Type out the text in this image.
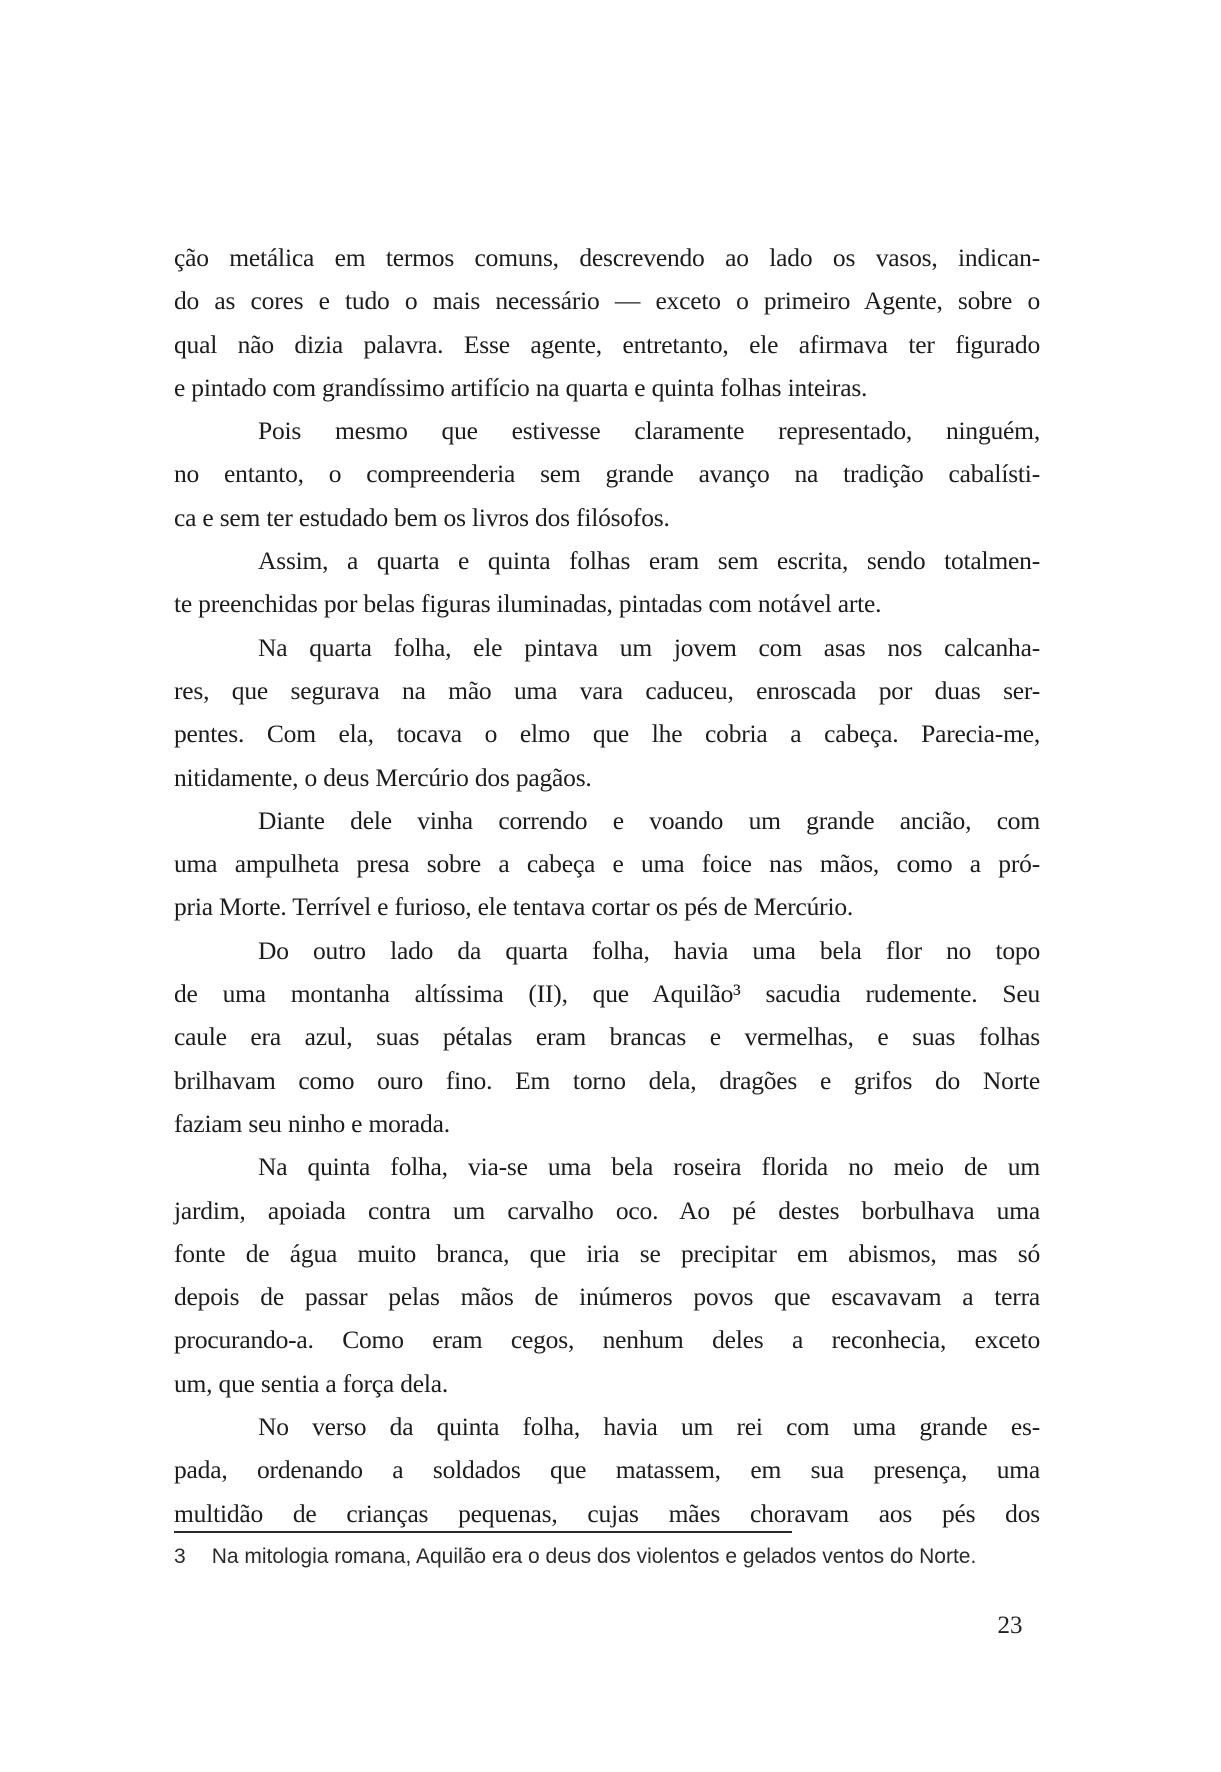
ção metálica em termos comuns, descrevendo ao lado os vasos, indican-

do as cores e tudo o mais necessário — exceto o primeiro Agente, sobre o

qual não dizia palavra. Esse agente, entretanto, ele afirmava ter figurado

e pintado com grandíssimo artifício na quarta e quinta folhas inteiras.

Pois mesmo que estivesse claramente representado, ninguém,

no entanto, o compreenderia sem grande avanço na tradição cabalísti-

ca e sem ter estudado bem os livros dos filósofos.

Assim, a quarta e quinta folhas eram sem escrita, sendo totalmen-

te preenchidas por belas figuras iluminadas, pintadas com notável arte.

Na quarta folha, ele pintava um jovem com asas nos calcanha-

res, que segurava na mão uma vara caduceu, enroscada por duas ser-

pentes. Com ela, tocava o elmo que lhe cobria a cabeça. Parecia-me,

nitidamente, o deus Mercúrio dos pagãos.

Diante dele vinha correndo e voando um grande ancião, com

uma ampulheta presa sobre a cabeça e uma foice nas mãos, como a pró-

pria Morte. Terrível e furioso, ele tentava cortar os pés de Mercúrio.

Do outro lado da quarta folha, havia uma bela flor no topo

de uma montanha altíssima (II), que Aquilão³ sacudia rudemente. Seu

caule era azul, suas pétalas eram brancas e vermelhas, e suas folhas

brilhavam como ouro fino. Em torno dela, dragões e grifos do Norte

faziam seu ninho e morada.

Na quinta folha, via-se uma bela roseira florida no meio de um

jardim, apoiada contra um carvalho oco. Ao pé destes borbulhava uma

fonte de água muito branca, que iria se precipitar em abismos, mas só

depois de passar pelas mãos de inúmeros povos que escavavam a terra

procurando-a. Como eram cegos, nenhum deles a reconhecia, exceto

um, que sentia a força dela.

No verso da quinta folha, havia um rei com uma grande es-

pada, ordenando a soldados que matassem, em sua presença, uma

multidão de crianças pequenas, cujas mães choravam aos pés dos

3 Na mitologia romana, Aquilão era o deus dos violentos e gelados ventos do Norte.
23
